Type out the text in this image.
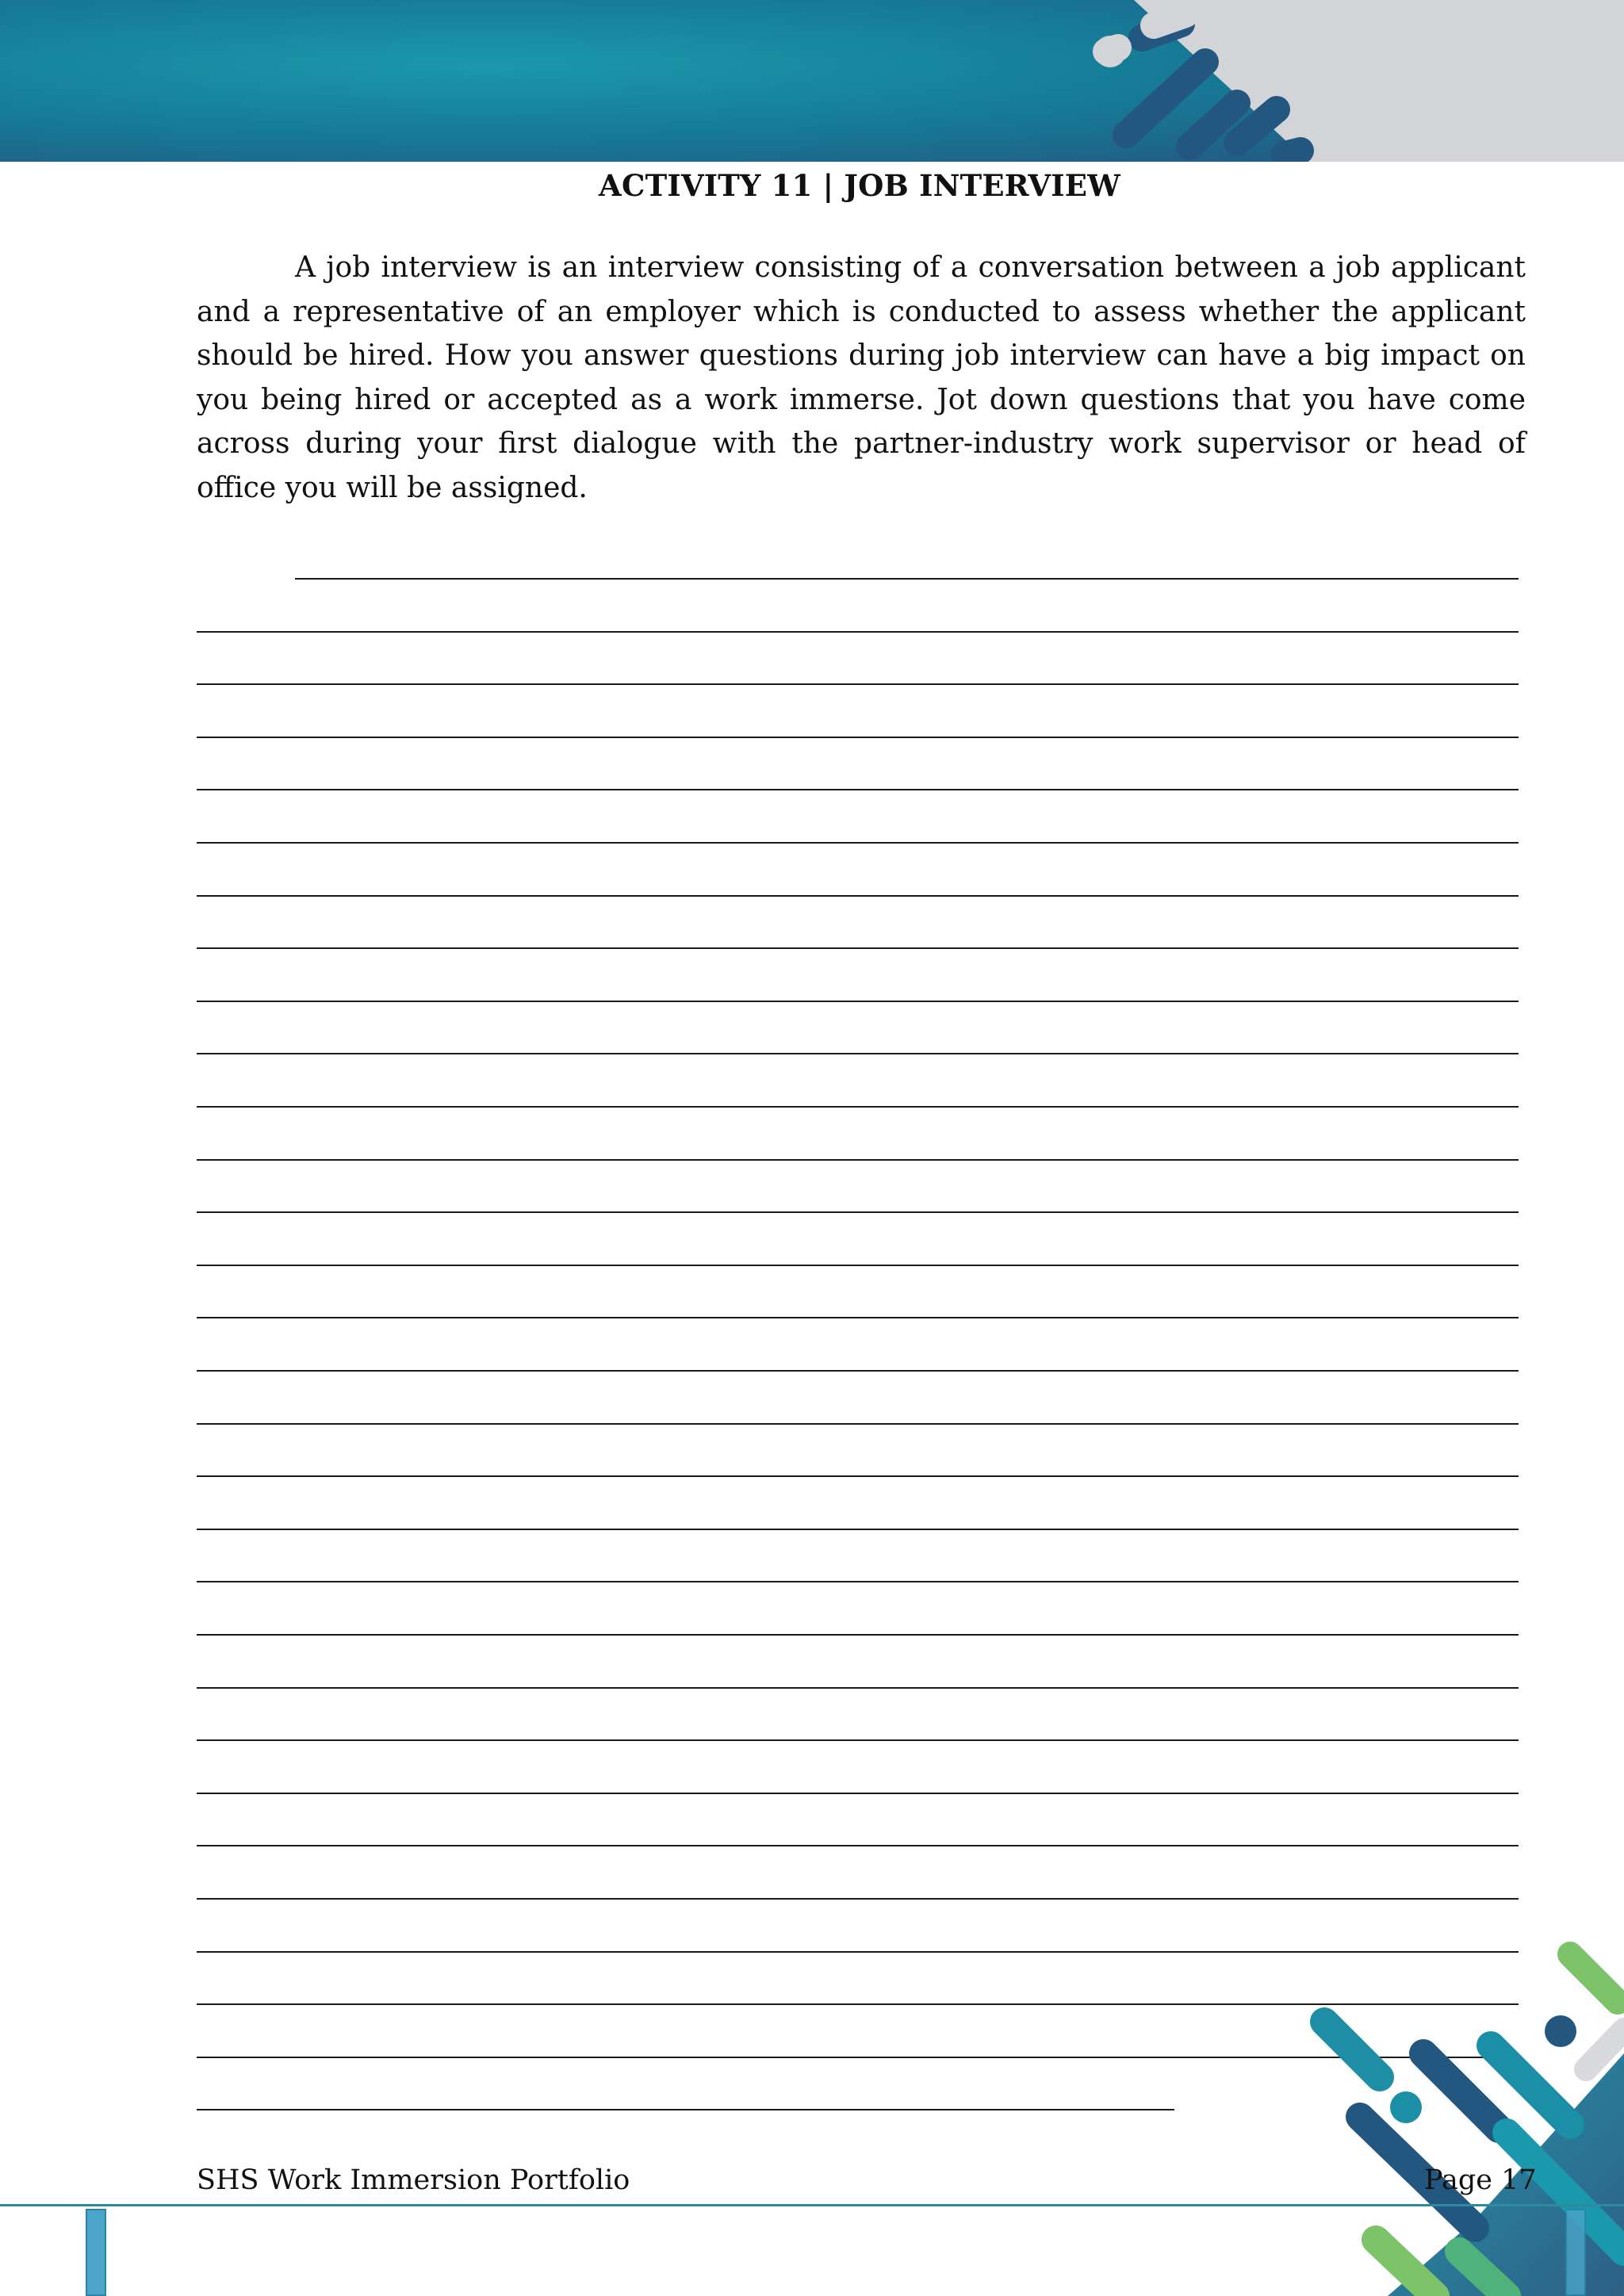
ACTIVITY 11 | JOB INTERVIEW

A job interview is an interview consisting of a conversation between a job applicant and a representative of an employer which is conducted to assess whether the applicant should be hired. How you answer questions during job interview can have a big impact on you being hired or accepted as a work immerse. Jot down questions that you have come across during your first dialogue with the partner-industry work supervisor or head of office you will be assigned.

SHS Work Immersion Portfolio	Page 17
